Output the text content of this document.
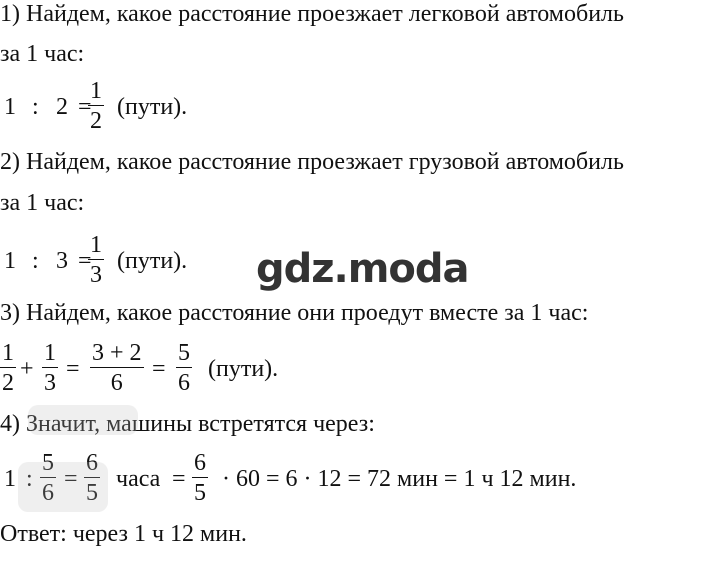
1) Найдем, какое расстояние проезжает легковой автомобиль
за 1 час:
1 : 2 =
1
2
(пути).
2) Найдем, какое расстояние проезжает грузовой автомобиль
за 1 час:
1 : 3 =
1
3
(пути). gdz.moda
3) Найдем, какое расстояние они проедут вместе за 1 час:
1
2
+
1
3
=
3 + 2
6
=
5
6
(пути).
4) Значит, машины встретятся через:
1 :
5
6
=
6
5
часа =
6
5
· 60 = 6 · 12 = 72 мин = 1 ч 12 мин.
Ответ: через 1 ч 12 мин.
